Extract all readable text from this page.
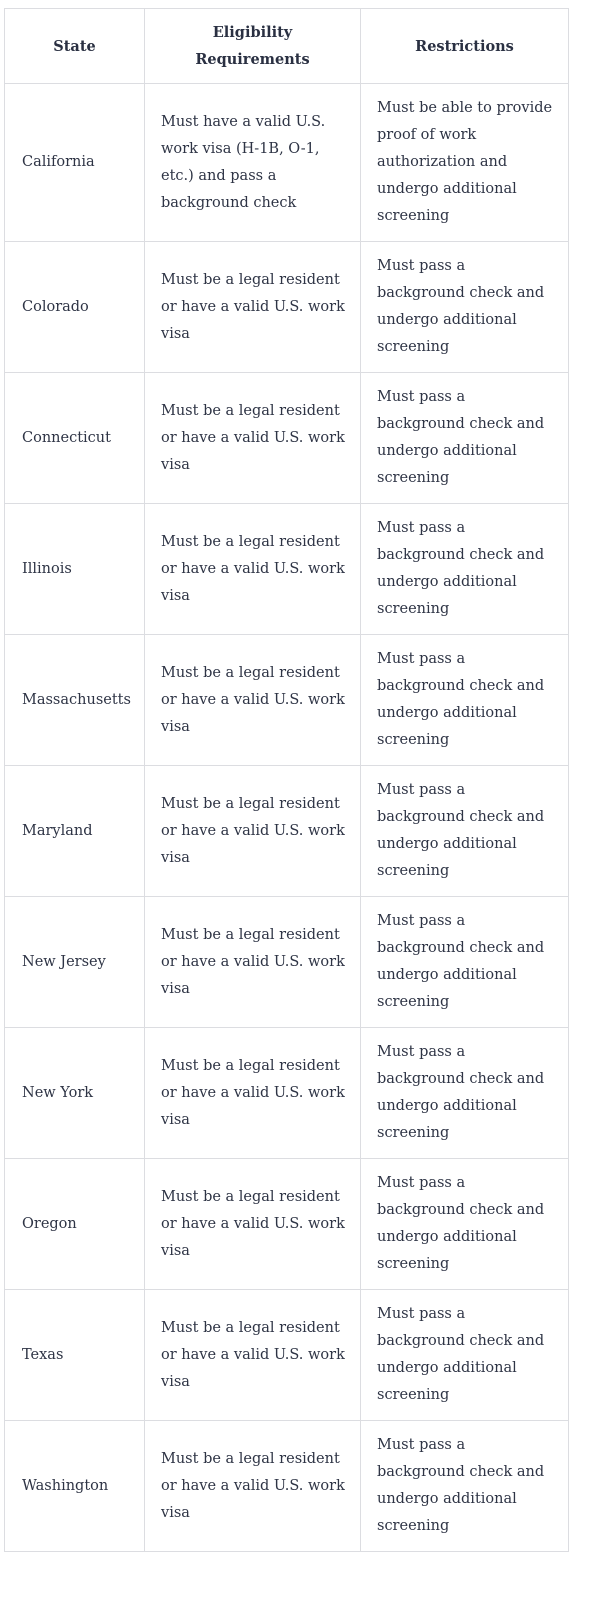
State	Eligibility Requirements	Restrictions
California	Must have a valid U.S. work visa (H-1B, O-1, etc.) and pass a background check	Must be able to provide proof of work authorization and undergo additional screening
Colorado	Must be a legal resident or have a valid U.S. work visa	Must pass a background check and undergo additional screening
Connecticut	Must be a legal resident or have a valid U.S. work visa	Must pass a background check and undergo additional screening
Illinois	Must be a legal resident or have a valid U.S. work visa	Must pass a background check and undergo additional screening
Massachusetts	Must be a legal resident or have a valid U.S. work visa	Must pass a background check and undergo additional screening
Maryland	Must be a legal resident or have a valid U.S. work visa	Must pass a background check and undergo additional screening
New Jersey	Must be a legal resident or have a valid U.S. work visa	Must pass a background check and undergo additional screening
New York	Must be a legal resident or have a valid U.S. work visa	Must pass a background check and undergo additional screening
Oregon	Must be a legal resident or have a valid U.S. work visa	Must pass a background check and undergo additional screening
Texas	Must be a legal resident or have a valid U.S. work visa	Must pass a background check and undergo additional screening
Washington	Must be a legal resident or have a valid U.S. work visa	Must pass a background check and undergo additional screening
